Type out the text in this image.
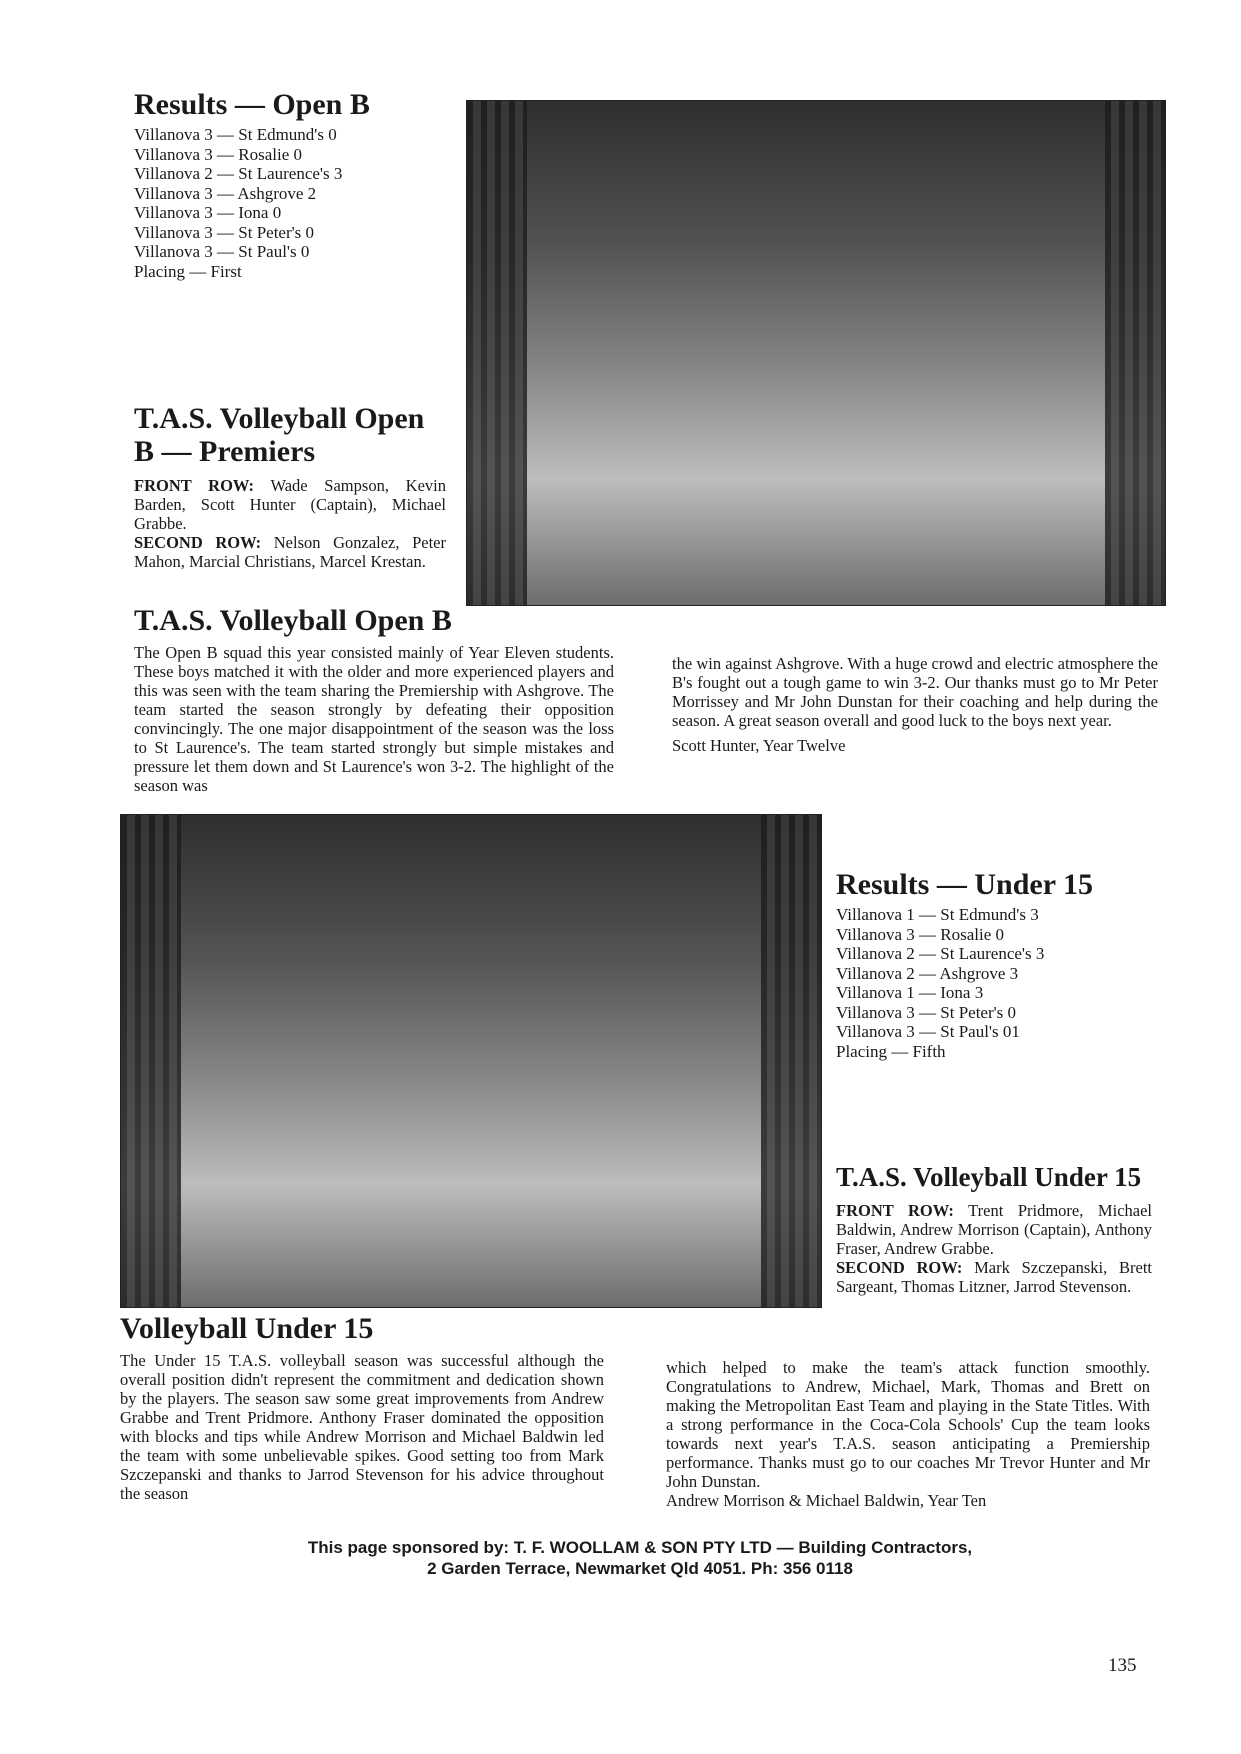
Results — Open B
Villanova 3 — St Edmund's 0
Villanova 3 — Rosalie 0
Villanova 2 — St Laurence's 3
Villanova 3 — Ashgrove 2
Villanova 3 — Iona 0
Villanova 3 — St Peter's 0
Villanova 3 — St Paul's 0
Placing — First
T.A.S. Volleyball Open B — Premiers
FRONT ROW: Wade Sampson, Kevin Barden, Scott Hunter (Captain), Michael Grabbe.
SECOND ROW: Nelson Gonzalez, Peter Mahon, Marcial Christians, Marcel Krestan.
T.A.S. Volleyball Open B
The Open B squad this year consisted mainly of Year Eleven students. These boys matched it with the older and more experienced players and this was seen with the team sharing the Premiership with Ashgrove. The team started the season strongly by defeating their opposition convincingly. The one major disappointment of the season was the loss to St Laurence's. The team started strongly but simple mistakes and pressure let them down and St Laurence's won 3-2. The highlight of the season was
the win against Ashgrove. With a huge crowd and electric atmosphere the B's fought out a tough game to win 3-2. Our thanks must go to Mr Peter Morrissey and Mr John Dunstan for their coaching and help during the season. A great season overall and good luck to the boys next year.
Scott Hunter, Year Twelve
Results — Under 15
Villanova 1 — St Edmund's 3
Villanova 3 — Rosalie 0
Villanova 2 — St Laurence's 3
Villanova 2 — Ashgrove 3
Villanova 1 — Iona 3
Villanova 3 — St Peter's 0
Villanova 3 — St Paul's 01
Placing — Fifth
T.A.S. Volleyball Under 15
FRONT ROW: Trent Pridmore, Michael Baldwin, Andrew Morrison (Captain), Anthony Fraser, Andrew Grabbe.
SECOND ROW: Mark Szczepanski, Brett Sargeant, Thomas Litzner, Jarrod Stevenson.
Volleyball Under 15
The Under 15 T.A.S. volleyball season was successful although the overall position didn't represent the commitment and dedication shown by the players. The season saw some great improvements from Andrew Grabbe and Trent Pridmore. Anthony Fraser dominated the opposition with blocks and tips while Andrew Morrison and Michael Baldwin led the team with some unbelievable spikes. Good setting too from Mark Szczepanski and thanks to Jarrod Stevenson for his advice throughout the season
which helped to make the team's attack function smoothly. Congratulations to Andrew, Michael, Mark, Thomas and Brett on making the Metropolitan East Team and playing in the State Titles. With a strong performance in the Coca-Cola Schools' Cup the team looks towards next year's T.A.S. season anticipating a Premiership performance. Thanks must go to our coaches Mr Trevor Hunter and Mr John Dunstan.
Andrew Morrison & Michael Baldwin, Year Ten
This page sponsored by: T. F. WOOLLAM & SON PTY LTD — Building Contractors,
2 Garden Terrace, Newmarket Qld 4051. Ph: 356 0118
135
